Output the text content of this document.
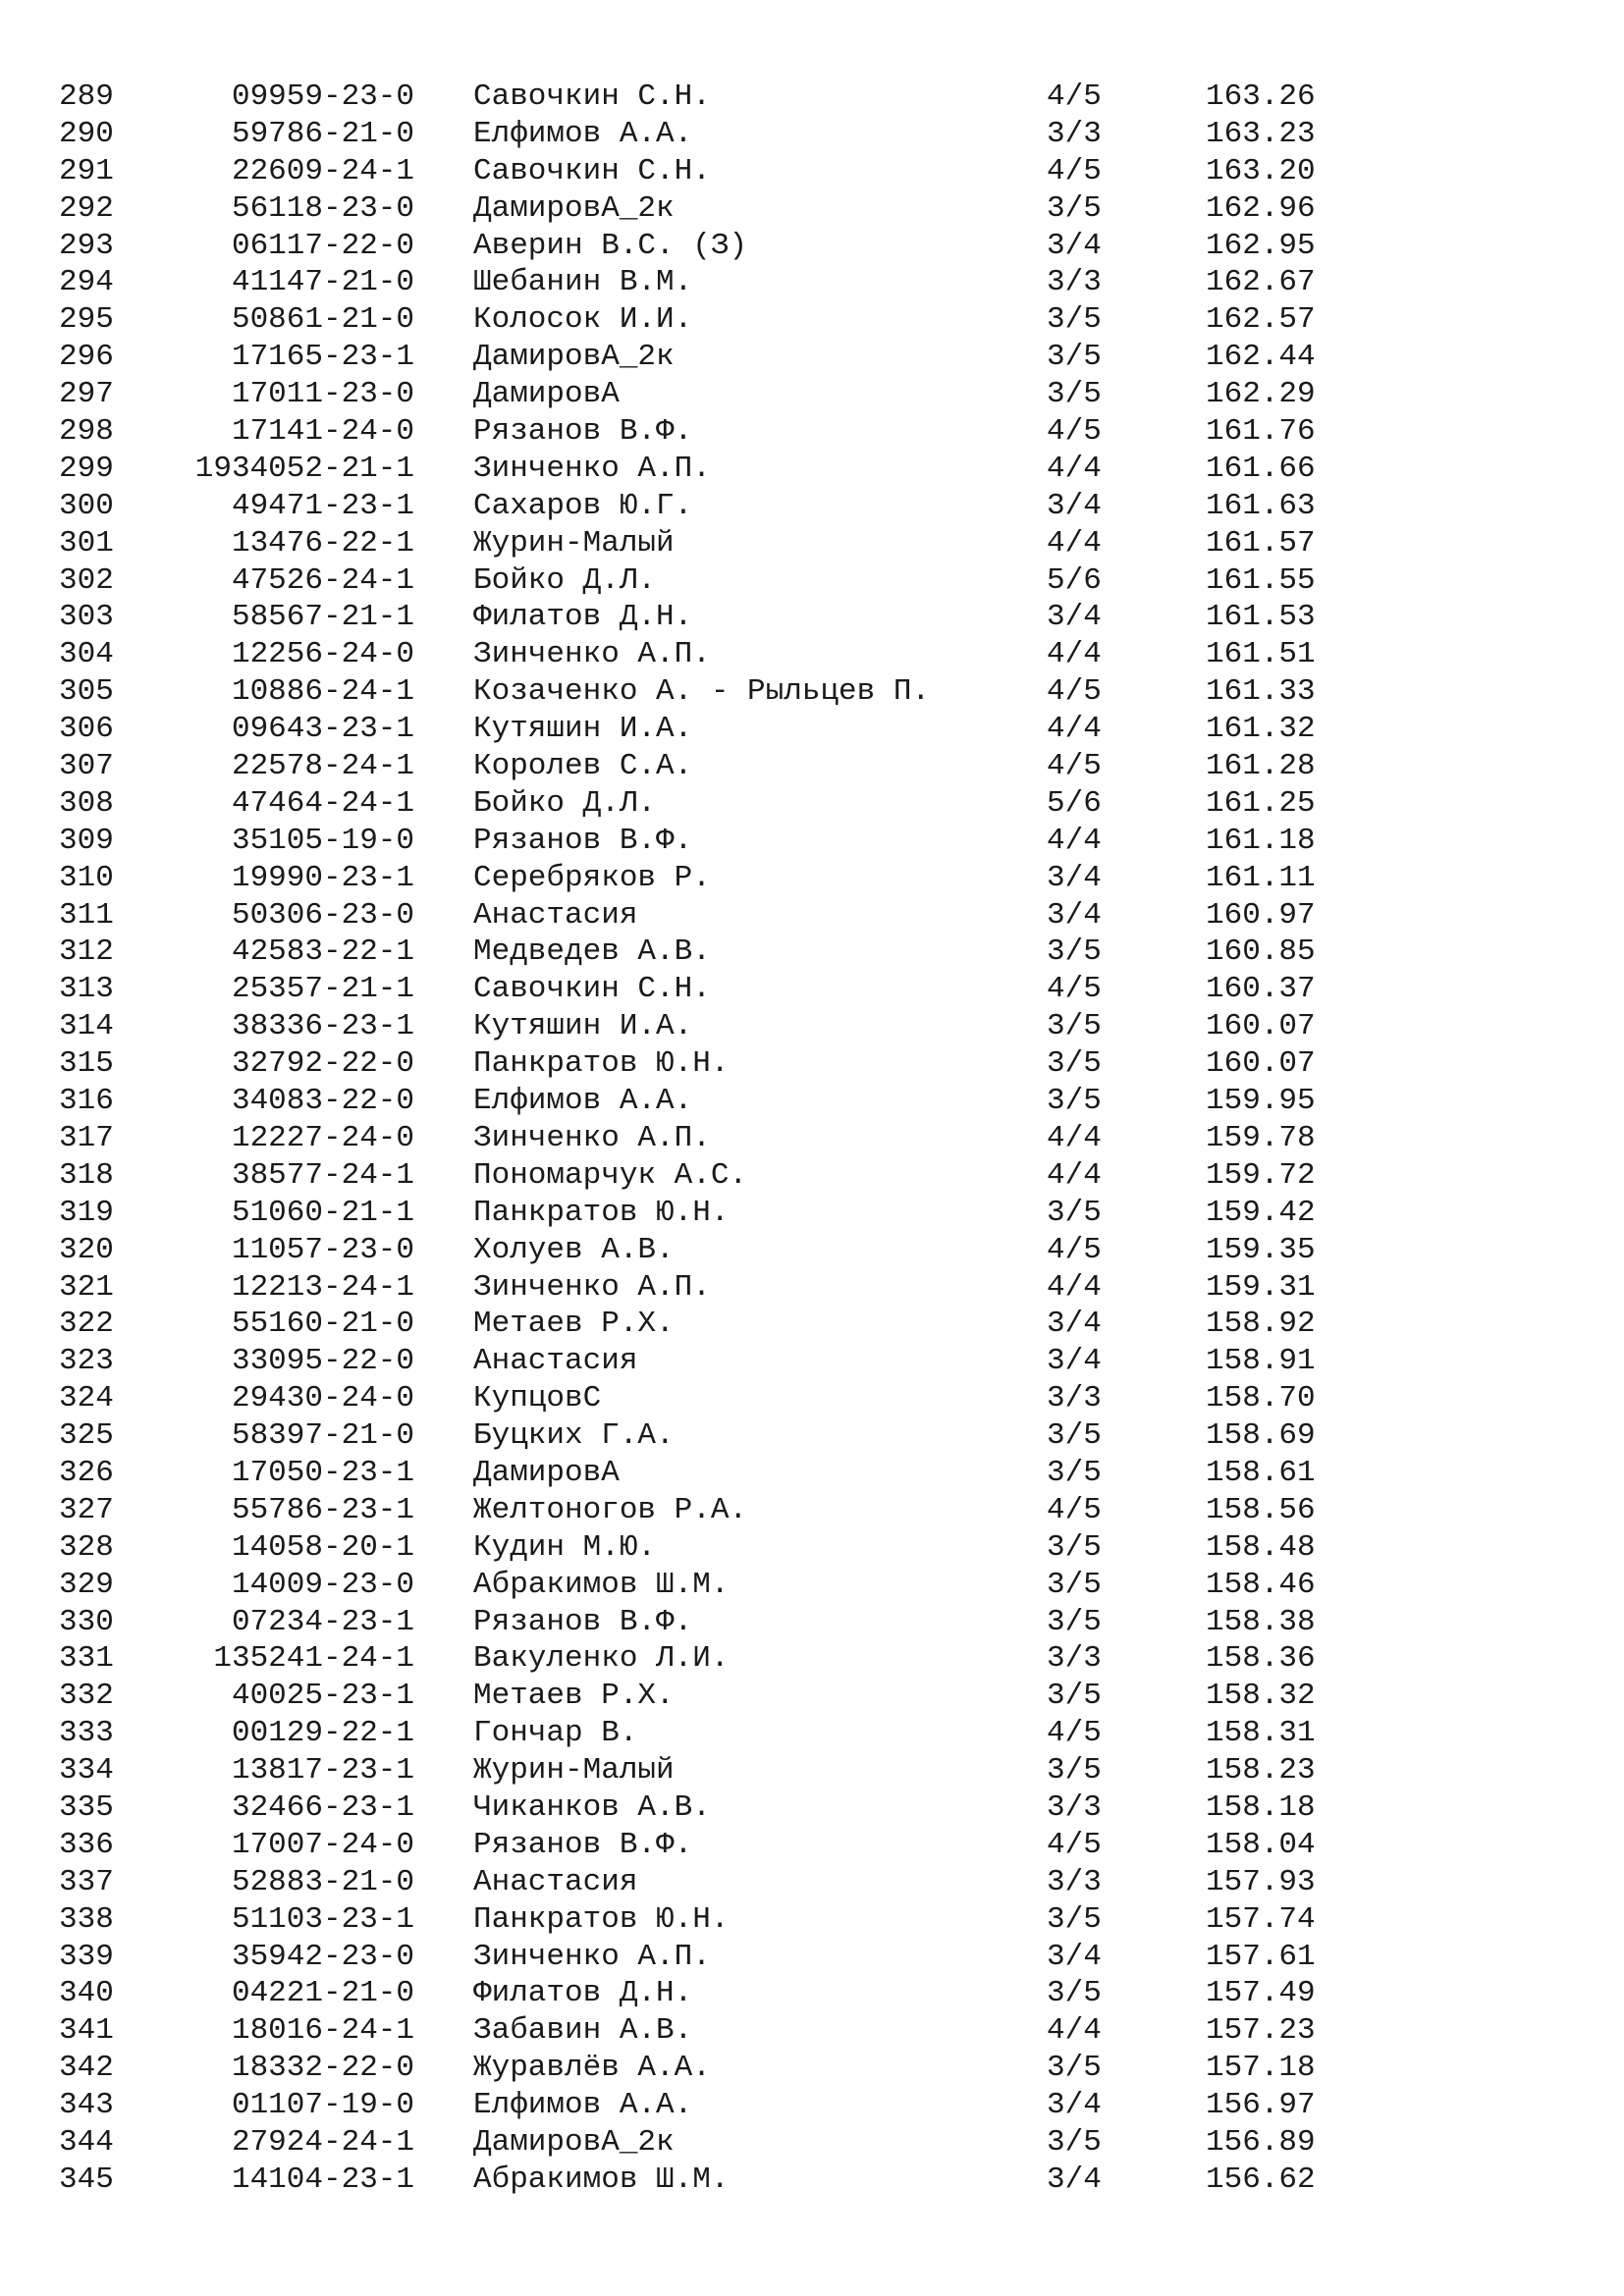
289	09959-23-0 Савочкин С.Н.	4/5	163.26
290	59786-21-0 Елфимов А.А.	3/3	163.23
291	22609-24-1 Савочкин С.Н.	4/5	163.20
292	56118-23-0 ДамировА_2к	3/5	162.96
293	06117-22-0 Аверин В.С. (З)	3/4	162.95
294	41147-21-0 Шебанин В.М.	3/3	162.67
295	50861-21-0 Колосок И.И.	3/5	162.57
296	17165-23-1 ДамировА_2к	3/5	162.44
297	17011-23-0 ДамировА	3/5	162.29
298	17141-24-0 Рязанов В.Ф.	4/5	161.76
299	1934052-21-1 Зинченко А.П.	4/4	161.66
300	49471-23-1 Сахаров Ю.Г.	3/4	161.63
301	13476-22-1 Журин-Малый	4/4	161.57
302	47526-24-1 Бойко Д.Л.	5/6	161.55
303	58567-21-1 Филатов Д.Н.	3/4	161.53
304	12256-24-0 Зинченко А.П.	4/4	161.51
305	10886-24-1 Козаченко А. - Рыльцев П.	4/5	161.33
306	09643-23-1 Кутяшин И.А.	4/4	161.32
307	22578-24-1 Королев С.А.	4/5	161.28
308	47464-24-1 Бойко Д.Л.	5/6	161.25
309	35105-19-0 Рязанов В.Ф.	4/4	161.18
310	19990-23-1 Серебряков Р.	3/4	161.11
311	50306-23-0 Анастасия	3/4	160.97
312	42583-22-1 Медведев А.В.	3/5	160.85
313	25357-21-1 Савочкин С.Н.	4/5	160.37
314	38336-23-1 Кутяшин И.А.	3/5	160.07
315	32792-22-0 Панкратов Ю.Н.	3/5	160.07
316	34083-22-0 Елфимов А.А.	3/5	159.95
317	12227-24-0 Зинченко А.П.	4/4	159.78
318	38577-24-1 Пономарчук А.С.	4/4	159.72
319	51060-21-1 Панкратов Ю.Н.	3/5	159.42
320	11057-23-0 Холуев А.В.	4/5	159.35
321	12213-24-1 Зинченко А.П.	4/4	159.31
322	55160-21-0 Метаев Р.Х.	3/4	158.92
323	33095-22-0 Анастасия	3/4	158.91
324	29430-24-0 КупцовС	3/3	158.70
325	58397-21-0 Буцких Г.А.	3/5	158.69
326	17050-23-1 ДамировА	3/5	158.61
327	55786-23-1 Желтоногов Р.А.	4/5	158.56
328	14058-20-1 Кудин М.Ю.	3/5	158.48
329	14009-23-0 Абракимов Ш.М.	3/5	158.46
330	07234-23-1 Рязанов В.Ф.	3/5	158.38
331	135241-24-1 Вакуленко Л.И.	3/3	158.36
332	40025-23-1 Метаев Р.Х.	3/5	158.32
333	00129-22-1 Гончар В.	4/5	158.31
334	13817-23-1 Журин-Малый	3/5	158.23
335	32466-23-1 Чиканков А.В.	3/3	158.18
336	17007-24-0 Рязанов В.Ф.	4/5	158.04
337	52883-21-0 Анастасия	3/3	157.93
338	51103-23-1 Панкратов Ю.Н.	3/5	157.74
339	35942-23-0 Зинченко А.П.	3/4	157.61
340	04221-21-0 Филатов Д.Н.	3/5	157.49
341	18016-24-1 Забавин А.В.	4/4	157.23
342	18332-22-0 Журавлёв А.А.	3/5	157.18
343	01107-19-0 Елфимов А.А.	3/4	156.97
344	27924-24-1 ДамировА_2к	3/5	156.89
345	14104-23-1 Абракимов Ш.М.	3/4	156.62
